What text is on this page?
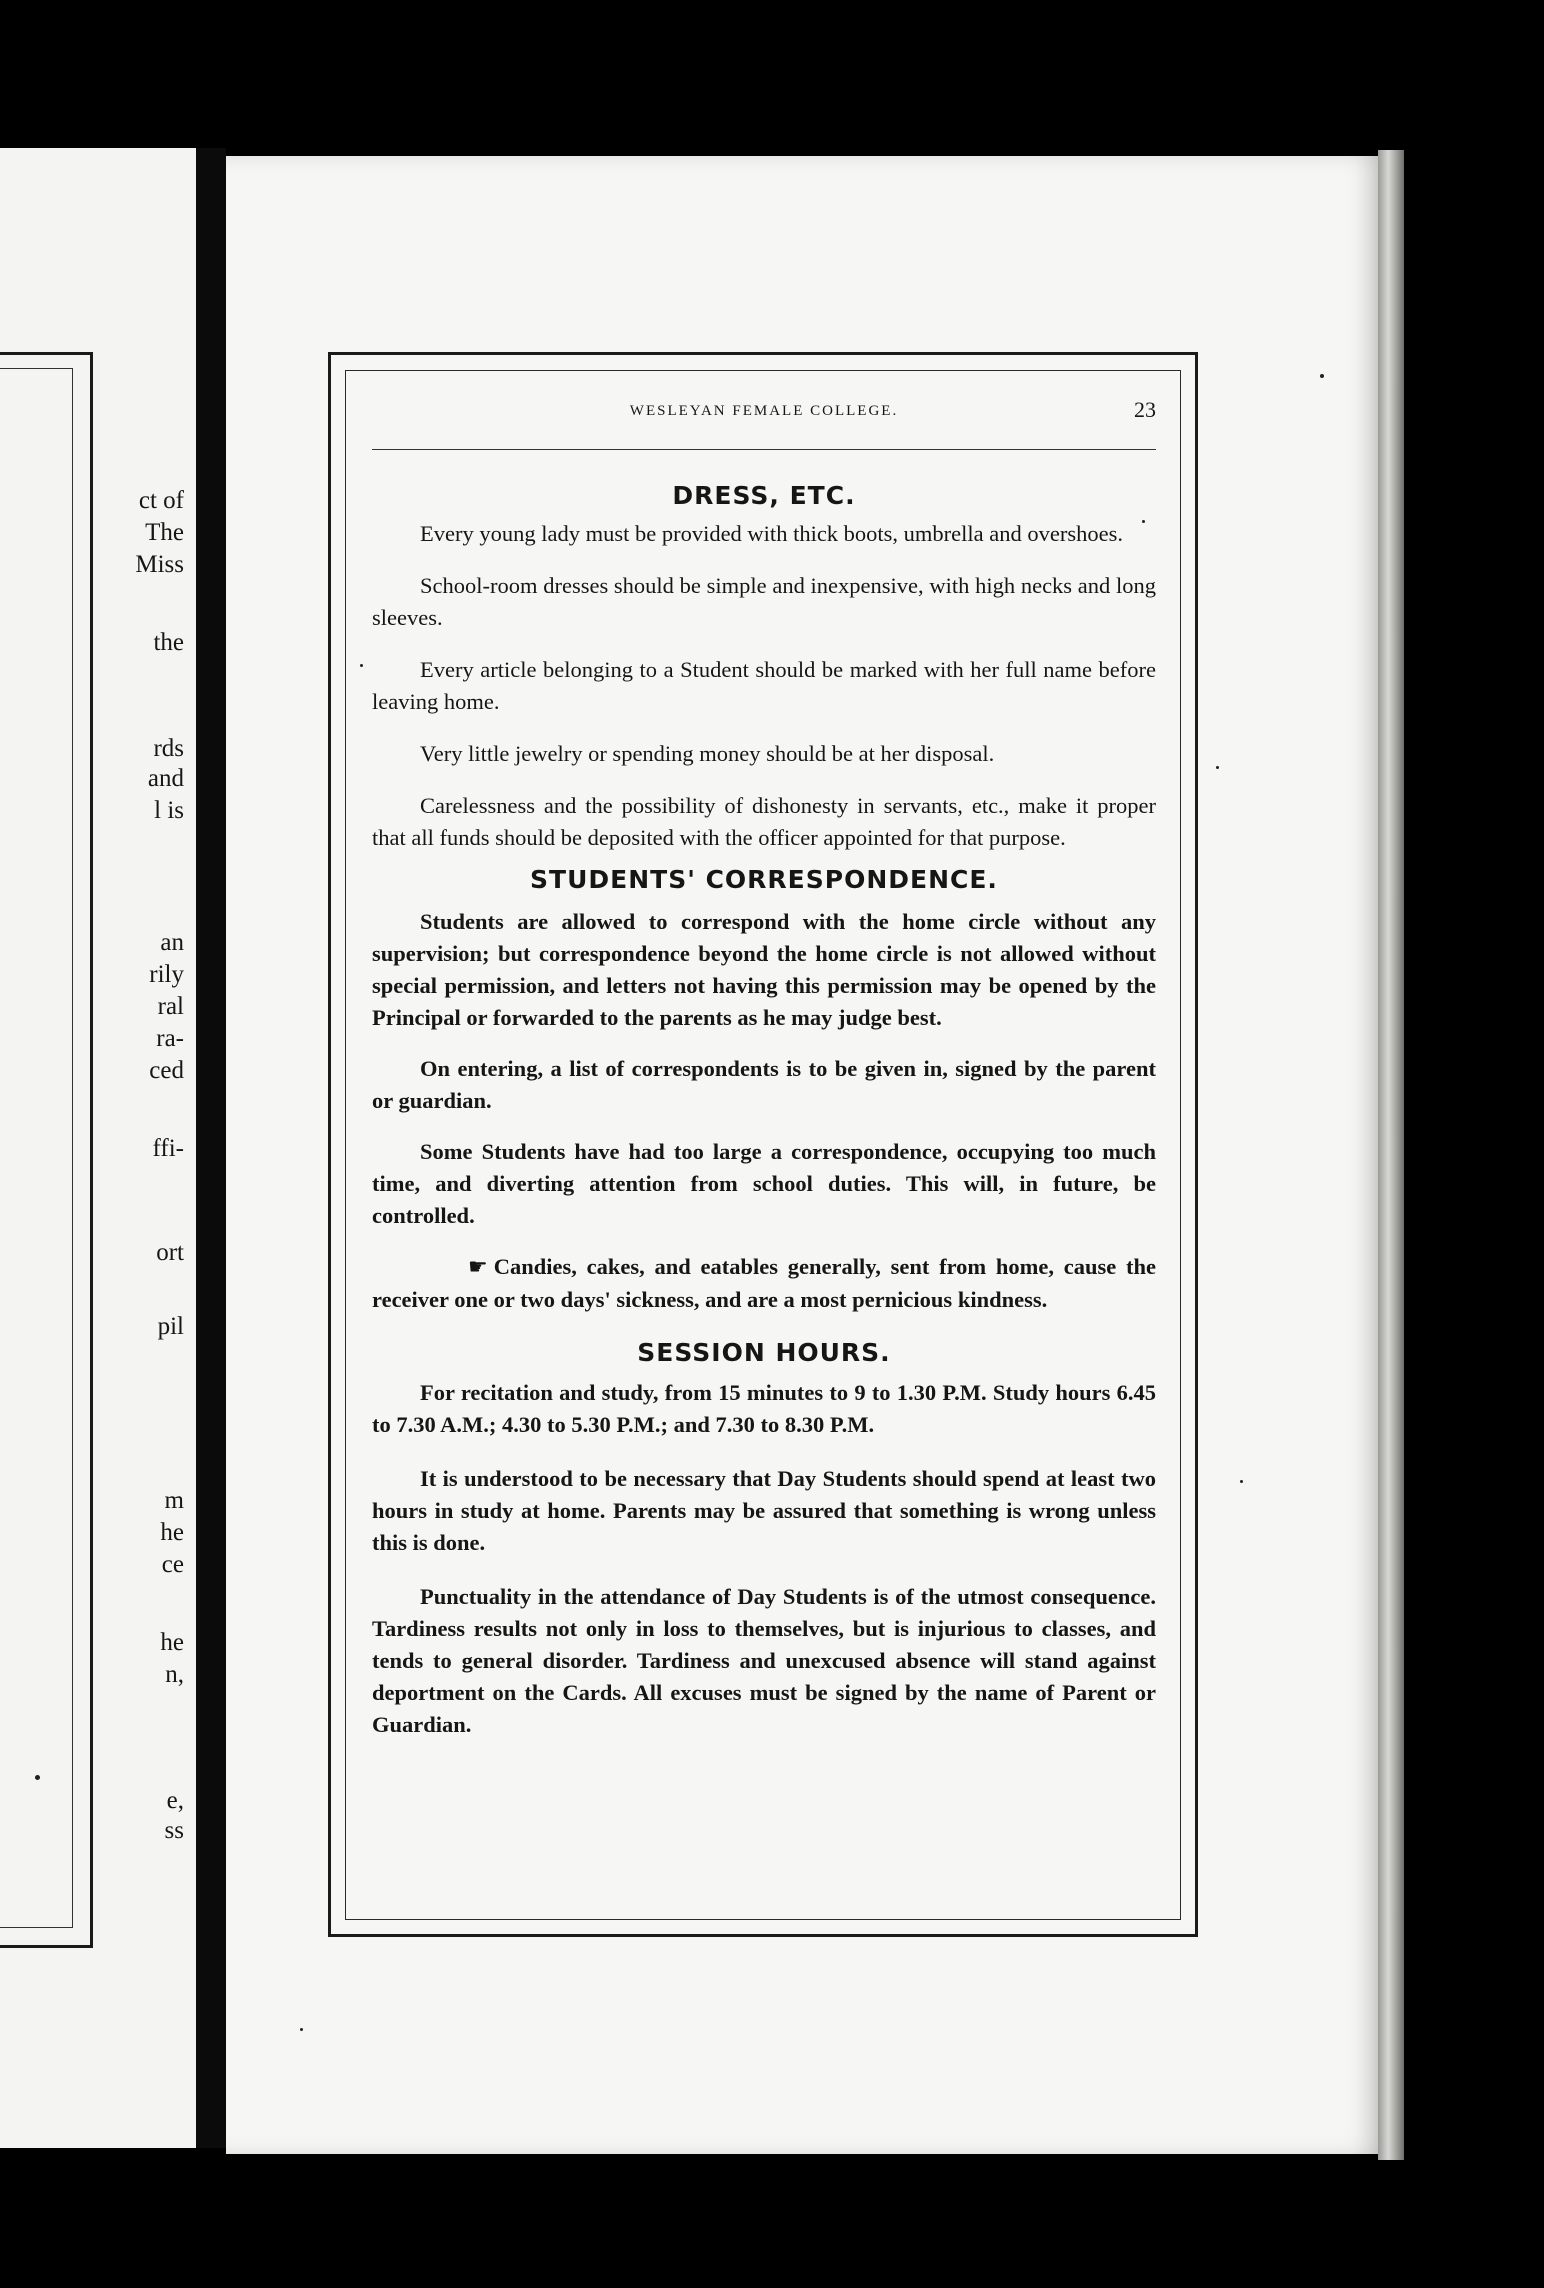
ct of
The
Miss
the
rds
and
l is
an
rily
ral
ra-
ced
ffi-
ort
pil
m
he
ce
he
n,
e,
ss
WESLEYAN FEMALE COLLEGE.	23
DRESS, ETC.

Every young lady must be provided with thick boots, umbrella and overshoes.

School-room dresses should be simple and inexpensive, with high necks and long sleeves.

Every article belonging to a Student should be marked with her full name before leaving home.

Very little jewelry or spending money should be at her disposal.

Carelessness and the possibility of dishonesty in servants, etc., make it proper that all funds should be deposited with the officer appointed for that purpose.

STUDENTS' CORRESPONDENCE.

Students are allowed to correspond with the home circle without any supervision; but correspondence beyond the home circle is not allowed without special permission, and letters not having this permission may be opened by the Principal or forwarded to the parents as he may judge best.

On entering, a list of correspondents is to be given in, signed by the parent or guardian.

Some Students have had too large a correspondence, occupying too much time, and diverting attention from school duties. This will, in future, be controlled.

☛ Candies, cakes, and eatables generally, sent from home, cause the receiver one or two days' sickness, and are a most pernicious kindness.

SESSION HOURS.

For recitation and study, from 15 minutes to 9 to 1.30 P.M. Study hours 6.45 to 7.30 A.M.; 4.30 to 5.30 P.M.; and 7.30 to 8.30 P.M.

It is understood to be necessary that Day Students should spend at least two hours in study at home. Parents may be assured that something is wrong unless this is done.

Punctuality in the attendance of Day Students is of the utmost consequence. Tardiness results not only in loss to themselves, but is injurious to classes, and tends to general disorder. Tardiness and unexcused absence will stand against deportment on the Cards. All excuses must be signed by the name of Parent or Guardian.
